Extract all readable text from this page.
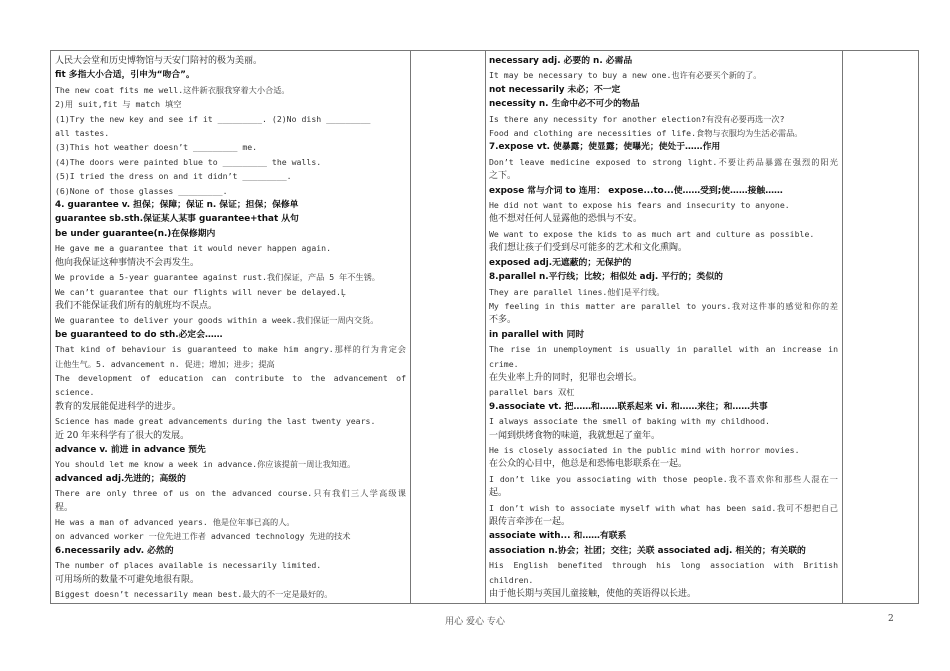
人民大会堂和历史博物馆与天安门陪衬的极为美丽。
fit 多指大小合适，引申为“吻合”。
The new coat fits me well.这件新衣服我穿着大小合适。
2)用 suit,fit 与 match 填空
(1)Try the new key and see if it _________. (2)No dish _________
all tastes.
(3)This hot weather doesn’t _________ me.
(4)The doors were painted blue to _________ the walls.
(5)I tried the dress on and it didn’t _________.
(6)None of those glasses _________.
4. guarantee v. 担保；保障；保证 n. 保证；担保；保修单
guarantee sb.sth.保证某人某事 guarantee+that 从句
be under guarantee(n.)在保修期内
He gave me a guarantee that it would never happen again.
他向我保证这种事情决不会再发生。
We provide a 5-year guarantee against rust.我们保证，产品 5 年不生锈。
We can’t guarantee that our flights will never be delayed.Ļ
我们不能保证我们所有的航班均不误点。
We guarantee to deliver your goods within a week.我们保证一周内交货。
be guaranteed to do sth.必定会……
That kind of behaviour is guaranteed to make him angry.那样的行为肯定会
让他生气。5. advancement n. 促进；增加；进步；提高
The development of education can contribute to the advancement of
science.
教育的发展能促进科学的进步。
Science has made great advancements during the last twenty years.
近 20 年来科学有了很大的发展。
advance v. 前进 in advance 预先
You should let me know a week in advance.你应该提前一周让我知道。
advanced adj.先进的；高级的
There are only three of us on the advanced course.只有我们三人学高级课
程。
He was a man of advanced years. 他是位年事已高的人。
on advanced worker 一位先进工作者 advanced technology 先进的技术
6.necessarily adv. 必然的
The number of places available is necessarily limited.
可用场所的数量不可避免地很有限。
Biggest doesn’t necessarily mean best.最大的不一定是最好的。
necessary adj. 必要的 n. 必需品
It may be necessary to buy a new one.也许有必要买个新的了。
not necessarily 未必；不一定
necessity n. 生命中必不可少的物品
Is there any necessity for another election?有没有必要再选一次?
Food and clothing are necessities of life.食物与衣服均为生活必需品。
7.expose vt. 使暴露；使显露；使曝光；使处于……作用
Don’t leave medicine exposed to strong light.不要让药品暴露在强烈的阳光
之下。
expose 常与介词 to 连用： expose...to...使……受到;使……接触……
He did not want to expose his fears and insecurity to anyone.
他不想对任何人显露他的恐惧与不安。
We want to expose the kids to as much art and culture as possible.
我们想让孩子们受到尽可能多的艺术和文化熏陶。
exposed adj.无遮蔽的；无保护的
8.parallel n.平行线；比较；相似处 adj. 平行的；类似的
They are parallel lines.他们是平行线。
My feeling in this matter are parallel to yours.我对这件事的感觉和你的差
不多。
in parallel with 同时
The rise in unemployment is usually in parallel with an increase in
crime.
在失业率上升的同时，犯罪也会增长。
parallel bars 双杠
9.associate vt. 把……和……联系起来 vi. 和……来往；和……共事
I always associate the smell of baking with my childhood.
一闻到烘烤食物的味道，我就想起了童年。
He is closely associated in the public mind with horror movies.
在公众的心目中，他总是和恐怖电影联系在一起。
I don’t like you associating with those people.我不喜欢你和那些人混在一
起。
I don’t wish to associate myself with what has been said.我可不想把自己
跟传言牵涉在一起。
associate with... 和……有联系
association n.协会；社团；交往；关联 associated adj. 相关的；有关联的
His English benefited through his long association with British
children.
由于他长期与英国儿童接触，使他的英语得以长进。
用心 爱心 专心	2
